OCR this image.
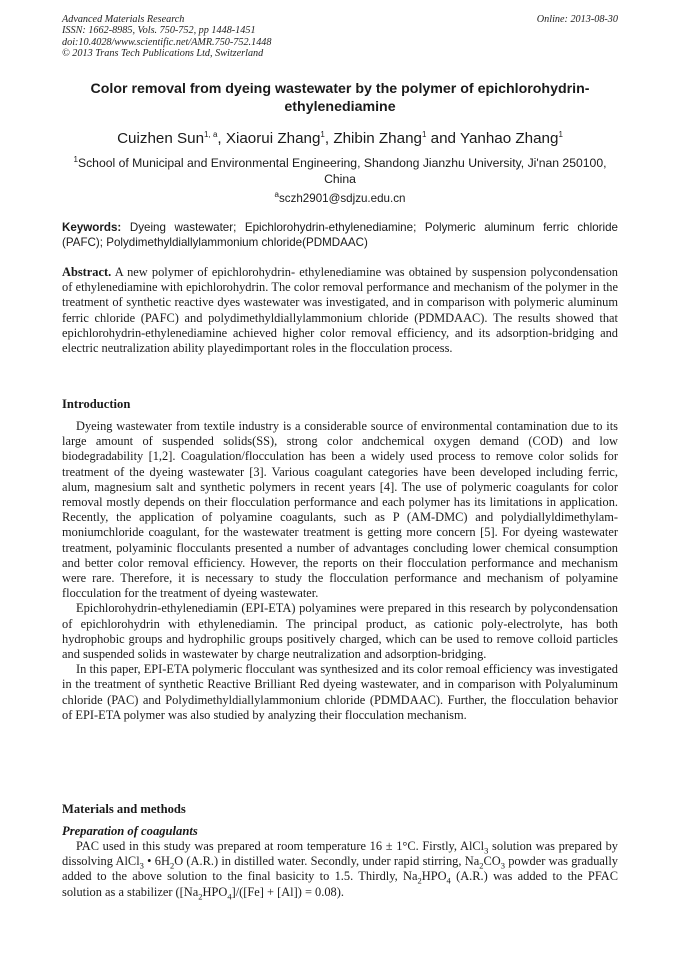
Advanced Materials Research
ISSN: 1662-8985, Vols. 750-752, pp 1448-1451
doi:10.4028/www.scientific.net/AMR.750-752.1448
© 2013 Trans Tech Publications Ltd, Switzerland
Online: 2013-08-30
Color removal from dyeing wastewater by the polymer of epichlorohydrin- ethylenediamine
Cuizhen Sun$^{1, a}$, Xiaorui Zhang$^1$, Zhibin Zhang$^1$ and Yanhao Zhang$^1$
$^1$School of Municipal and Environmental Engineering, Shandong Jianzhu University, Ji'nan 250100, China
$^a$sczh2901@sdjzu.edu.cn
Keywords: Dyeing wastewater; Epichlorohydrin-ethylenediamine; Polymeric aluminum ferric chloride (PAFC); Polydimethyldiallylammonium chloride(PDMDAAC)
Abstract. A new polymer of epichlorohydrin- ethylenediamine was obtained by suspension polycondensation of ethylenediamine with epichlorohydrin. The color removal performance and mechanism of the polymer in the treatment of synthetic reactive dyes wastewater was investigated, and in comparison with polymeric aluminum ferric chloride (PAFC) and polydimethyldiallylammonium chloride (PDMDAAC). The results showed that epichlorohydrin-ethylenediamine achieved higher color removal efficiency, and its adsorption-bridging and electric neutralization ability playedimportant roles in the flocculation process.
Introduction

Dyeing wastewater from textile industry is a considerable source of environmental contamination due to its large amount of suspended solids(SS), strong color andchemical oxygen demand (COD) and low biodegradability [1,2]. Coagulation/flocculation has been a widely used process to remove color solids for treatment of the dyeing wastewater [3]. Various coagulant categories have been developed including ferric, alum, magnesium salt and synthetic polymers in recent years [4]. The use of polymeric coagulants for color removal mostly depends on their flocculation performance and each polymer has its limitations in application. Recently, the application of polyamine coagulants, such as P (AM-DMC) and polydiallyldimethylam- moniumchloride coagulant, for the wastewater treatment is getting more concern [5]. For dyeing wastewater treatment, polyaminic flocculants presented a number of advantages concluding lower chemical consumption and better color removal efficiency. However, the reports on their flocculation performance and mechanism were rare. Therefore, it is necessary to study the flocculation performance and mechanism of polyamine flocculation for the treatment of dyeing wastewater.

Epichlorohydrin-ethylenediamin (EPI-ETA) polyamines were prepared in this research by polycondensation of epichlorohydrin with ethylenediamin. The principal product, as cationic poly-electrolyte, has both hydrophobic groups and hydrophilic groups positively charged, which can be used to remove colloid particles and suspended solids in wastewater by charge neutralization and adsorption-bridging.

In this paper, EPI-ETA polymeric flocculant was synthesized and its color remoal efficiency was investigated in the treatment of synthetic Reactive Brilliant Red dyeing wastewater, and in comparison with Polyaluminum chloride (PAC) and Polydimethyldiallylammonium chloride (PDMDAAC). Further, the flocculation behavior of EPI-ETA polymer was also studied by analyzing their flocculation mechanism.

Materials and methods
Preparation of coagulants

PAC used in this study was prepared at room temperature 16 ± 1°C. Firstly, AlCl$_3$ solution was prepared by dissolving AlCl$_3$ • $6H_2O$ (A.R.) in distilled water. Secondly, under rapid stirring, $Na_2CO_3$ powder was gradually added to the above solution to the final basicity to 1.5. Thirdly, $Na_2HPO_4$ (A.R.) was added to the PFAC solution as a stabilizer $([Na_2HPO_4]/([Fe] + [Al]) = 0.08)$.
